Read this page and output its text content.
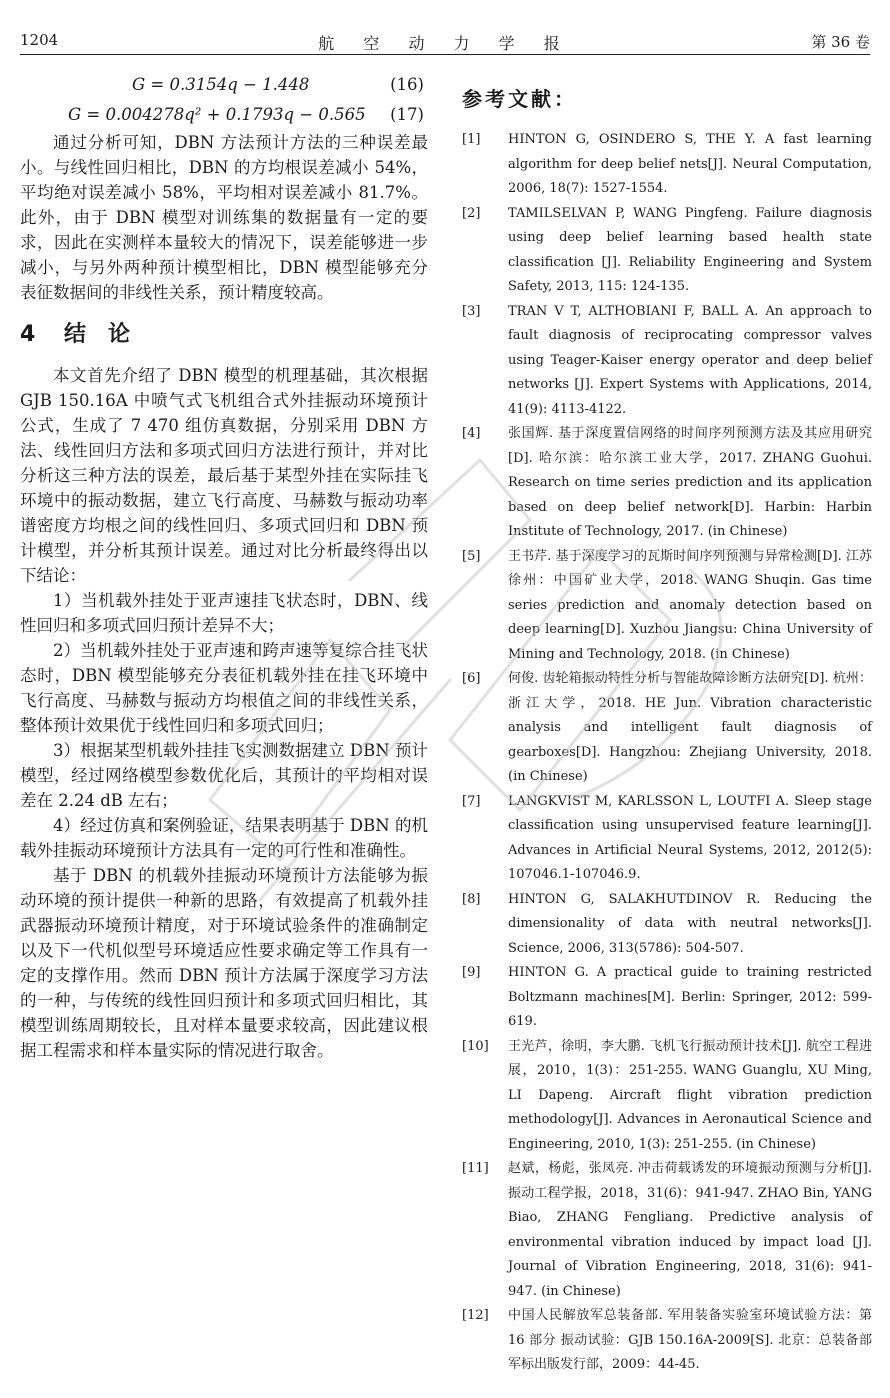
1204	航 空 动 力 学 报	第 36 卷
G = 0.3154q − 1.448	(16)
G = 0.004278q² + 0.1793q − 0.565 (17)

通过分析可知，DBN 方法预计方法的三种误差最小。与线性回归相比，DBN 的方均根误差减小 54%，平均绝对误差减小 58%，平均相对误差减小 81.7%。此外，由于 DBN 模型对训练集的数据量有一定的要求，因此在实测样本量较大的情况下，误差能够进一步减小，与另外两种预计模型相比，DBN 模型能够充分表征数据间的非线性关系，预计精度较高。

4 结论

本文首先介绍了 DBN 模型的机理基础，其次根据 GJB 150.16A 中喷气式飞机组合式外挂振动环境预计公式，生成了 7 470 组仿真数据，分别采用 DBN 方法、线性回归方法和多项式回归方法进行预计，并对比分析这三种方法的误差，最后基于某型外挂在实际挂飞环境中的振动数据，建立飞行高度、马赫数与振动功率谱密度方均根之间的线性回归、多项式回归和 DBN 预计模型，并分析其预计误差。通过对比分析最终得出以下结论：

1）当机载外挂处于亚声速挂飞状态时，DBN、线性回归和多项式回归预计差异不大；

2）当机载外挂处于亚声速和跨声速等复综合挂飞状态时，DBN 模型能够充分表征机载外挂在挂飞环境中飞行高度、马赫数与振动方均根值之间的非线性关系，整体预计效果优于线性回归和多项式回归；

3）根据某型机载外挂挂飞实测数据建立 DBN 预计模型，经过网络模型参数优化后，其预计的平均相对误差在 2.24 dB 左右；

4）经过仿真和案例验证，结果表明基于 DBN 的机载外挂振动环境预计方法具有一定的可行性和准确性。

基于 DBN 的机载外挂振动环境预计方法能够为振动环境的预计提供一种新的思路，有效提高了机载外挂武器振动环境预计精度，对于环境试验条件的准确制定以及下一代机似型号环境适应性要求确定等工作具有一定的支撑作用。然而 DBN 预计方法属于深度学习方法的一种，与传统的线性回归预计和多项式回归相比，其模型训练周期较长，且对样本量要求较高，因此建议根据工程需求和样本量实际的情况进行取舍。

参考文献：
[1]	HINTON G, OSINDERO S, THE Y. A fast learning algorithm for deep belief nets[J]. Neural Computation, 2006, 18(7): 1527-1554.
[2]	TAMILSELVAN P, WANG Pingfeng. Failure diagnosis using deep belief learning based health state classification [J]. Reliability Engineering and System Safety, 2013, 115: 124-135.
[3]	TRAN V T, ALTHOBIANI F, BALL A. An approach to fault diagnosis of reciprocating compressor valves using Teager-Kaiser energy operator and deep belief networks [J]. Expert Systems with Applications, 2014, 41(9): 4113-4122.
[4]	张国辉. 基于深度置信网络的时间序列预测方法及其应用研究[D]. 哈尔滨：哈尔滨工业大学，2017. ZHANG Guohui. Research on time series prediction and its application based on deep belief network[D]. Harbin: Harbin Institute of Technology, 2017. (in Chinese)
[5]	王书芹. 基于深度学习的瓦斯时间序列预测与异常检测[D]. 江苏 徐州：中国矿业大学，2018. WANG Shuqin. Gas time series prediction and anomaly detection based on deep learning[D]. Xuzhou Jiangsu: China University of Mining and Technology, 2018. (in Chinese)
[6]	何俊. 齿轮箱振动特性分析与智能故障诊断方法研究[D]. 杭州：浙江大学，2018. HE Jun. Vibration characteristic analysis and intelligent fault diagnosis of gearboxes[D]. Hangzhou: Zhejiang University, 2018. (in Chinese)
[7]	LANGKVIST M, KARLSSON L, LOUTFI A. Sleep stage classification using unsupervised feature learning[J]. Advances in Artificial Neural Systems, 2012, 2012(5): 107046.1-107046.9.
[8]	HINTON G, SALAKHUTDINOV R. Reducing the dimensionality of data with neutral networks[J]. Science, 2006, 313(5786): 504-507.
[9]	HINTON G. A practical guide to training restricted Boltzmann machines[M]. Berlin: Springer, 2012: 599-619.
[10]	王光芦，徐明，李大鹏. 飞机飞行振动预计技术[J]. 航空工程进展，2010，1(3)：251-255. WANG Guanglu, XU Ming, LI Dapeng. Aircraft flight vibration prediction methodology[J]. Advances in Aeronautical Science and Engineering, 2010, 1(3): 251-255. (in Chinese)
[11]	赵斌，杨彪，张凤亮. 冲击荷载诱发的环境振动预测与分析[J]. 振动工程学报，2018，31(6)：941-947. ZHAO Bin, YANG Biao, ZHANG Fengliang. Predictive analysis of environmental vibration induced by impact load [J]. Journal of Vibration Engineering, 2018, 31(6): 941-947. (in Chinese)
[12]	中国人民解放军总装备部. 军用装备实验室环境试验方法：第 16 部分 振动试验：GJB 150.16A-2009[S]. 北京：总装备部军标出版发行部，2009：44-45.
